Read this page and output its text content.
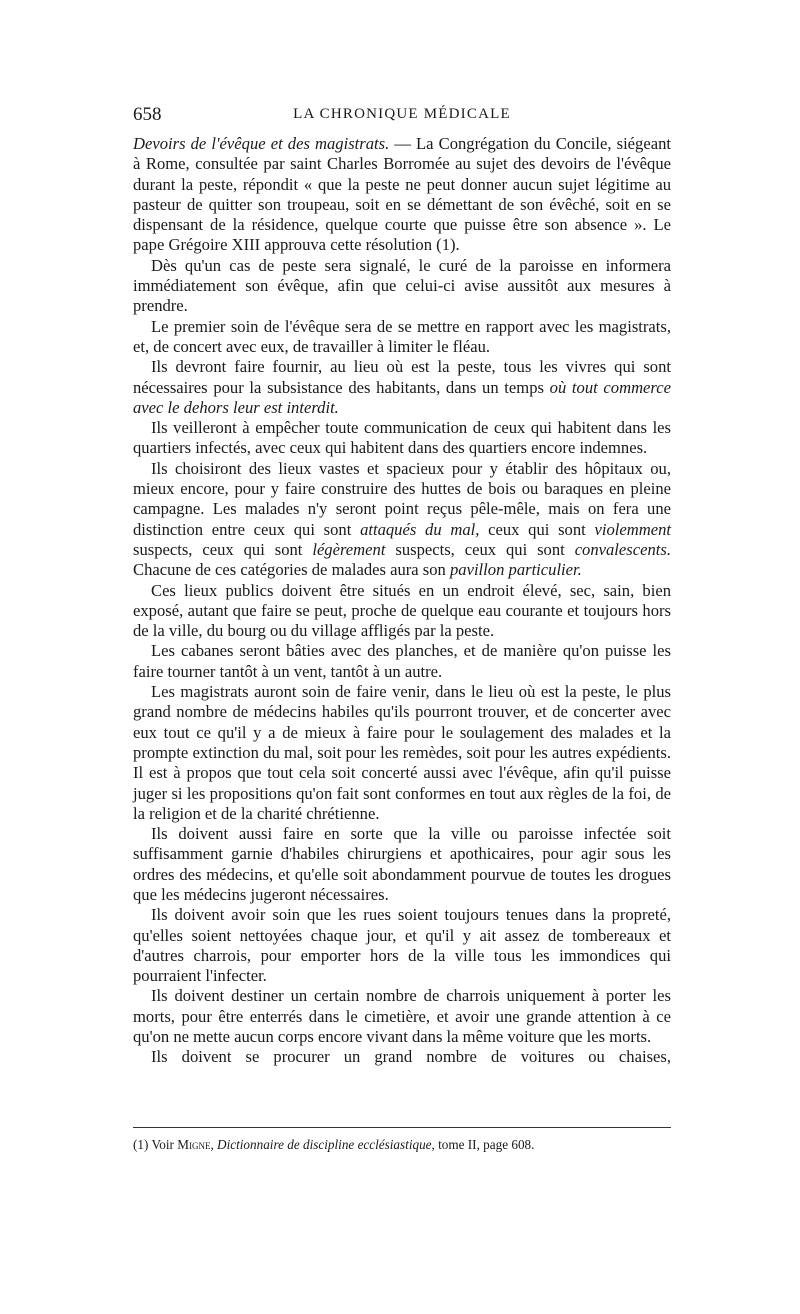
658	LA CHRONIQUE MÉDICALE

Devoirs de l'évêque et des magistrats. — La Congrégation du Concile, siégeant à Rome, consultée par saint Charles Borromée au sujet des devoirs de l'évêque durant la peste, répondit « que la peste ne peut donner aucun sujet légitime au pasteur de quitter son troupeau, soit en se démettant de son évêché, soit en se dispensant de la résidence, quelque courte que puisse être son absence ». Le pape Grégoire XIII approuva cette résolution (1).

Dès qu'un cas de peste sera signalé, le curé de la paroisse en informera immédiatement son évêque, afin que celui-ci avise aussitôt aux mesures à prendre.

Le premier soin de l'évêque sera de se mettre en rapport avec les magistrats, et, de concert avec eux, de travailler à limiter le fléau.

Ils devront faire fournir, au lieu où est la peste, tous les vivres qui sont nécessaires pour la subsistance des habitants, dans un temps où tout commerce avec le dehors leur est interdit.

Ils veilleront à empêcher toute communication de ceux qui habitent dans les quartiers infectés, avec ceux qui habitent dans des quartiers encore indemnes.

Ils choisiront des lieux vastes et spacieux pour y établir des hôpitaux ou, mieux encore, pour y faire construire des huttes de bois ou baraques en pleine campagne. Les malades n'y seront point reçus pêle-mêle, mais on fera une distinction entre ceux qui sont attaqués du mal, ceux qui sont violemment suspects, ceux qui sont légèrement suspects, ceux qui sont convalescents. Chacune de ces catégories de malades aura son pavillon particulier.

Ces lieux publics doivent être situés en un endroit élevé, sec, sain, bien exposé, autant que faire se peut, proche de quelque eau courante et toujours hors de la ville, du bourg ou du village affligés par la peste.

Les cabanes seront bâties avec des planches, et de manière qu'on puisse les faire tourner tantôt à un vent, tantôt à un autre.

Les magistrats auront soin de faire venir, dans le lieu où est la peste, le plus grand nombre de médecins habiles qu'ils pourront trouver, et de concerter avec eux tout ce qu'il y a de mieux à faire pour le soulagement des malades et la prompte extinction du mal, soit pour les remèdes, soit pour les autres expédients. Il est à propos que tout cela soit concerté aussi avec l'évêque, afin qu'il puisse juger si les propositions qu'on fait sont conformes en tout aux règles de la foi, de la religion et de la charité chrétienne.

Ils doivent aussi faire en sorte que la ville ou paroisse infectée soit suffisamment garnie d'habiles chirurgiens et apothicaires, pour agir sous les ordres des médecins, et qu'elle soit abondamment pourvue de toutes les drogues que les médecins jugeront nécessaires.

Ils doivent avoir soin que les rues soient toujours tenues dans la propreté, qu'elles soient nettoyées chaque jour, et qu'il y ait assez de tombereaux et d'autres charrois, pour emporter hors de la ville tous les immondices qui pourraient l'infecter.

Ils doivent destiner un certain nombre de charrois uniquement à porter les morts, pour être enterrés dans le cimetière, et avoir une grande attention à ce qu'on ne mette aucun corps encore vivant dans la même voiture que les morts.

Ils doivent se procurer un grand nombre de voitures ou chaises,

(1) Voir Migne, Dictionnaire de discipline ecclésiastique, tome II, page 608.
